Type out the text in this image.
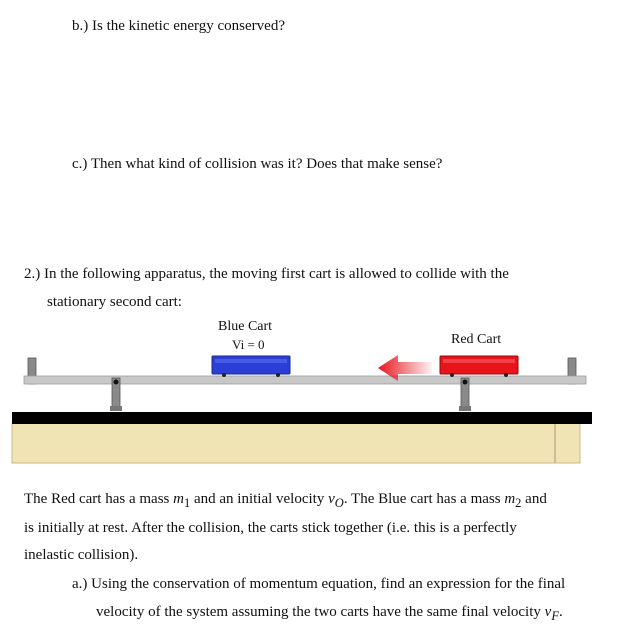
b.) Is the kinetic energy conserved?
c.) Then what kind of collision was it? Does that make sense?
2.) In the following apparatus, the moving first cart is allowed to collide with the
stationary second cart:
Blue Cart
Vi = 0	Red Cart
The Red cart has a mass $m_1$ and an initial velocity $v_O$. The Blue cart has a mass $m_2$ and
is initially at rest. After the collision, the carts stick together (i.e. this is a perfectly
inelastic collision).
a.) Using the conservation of momentum equation, find an expression for the final
velocity of the system assuming the two carts have the same final velocity $v_F$.
